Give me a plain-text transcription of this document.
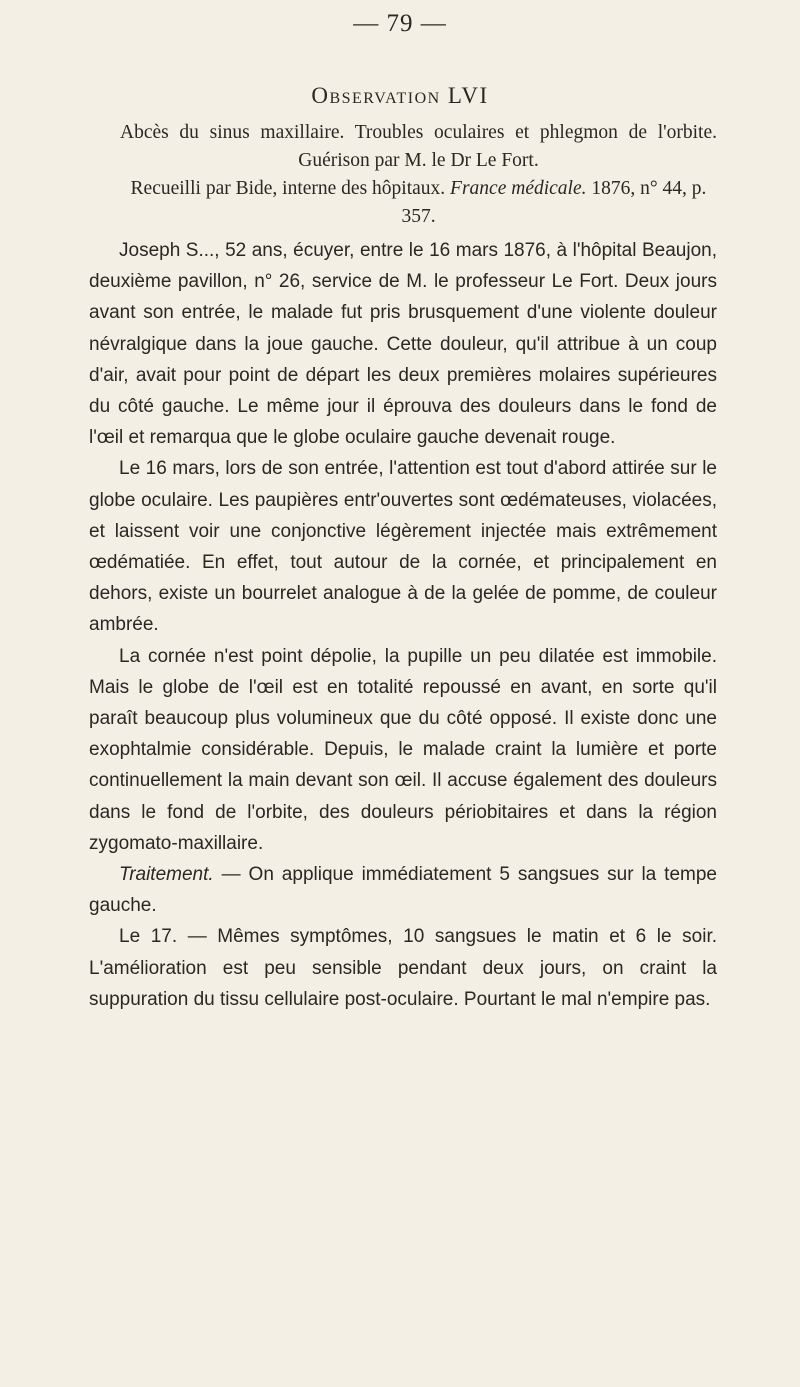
— 79 —
Observation LVI

Abcès du sinus maxillaire. Troubles oculaires et phlegmon de l'orbite. Guérison par M. le Dr Le Fort.

Recueilli par Bide, interne des hôpitaux. France médicale. 1876, n° 44, p. 357.

Joseph S..., 52 ans, écuyer, entre le 16 mars 1876, à l'hôpital Beaujon, deuxième pavillon, n° 26, service de M. le professeur Le Fort. Deux jours avant son entrée, le malade fut pris brusquement d'une violente douleur névralgique dans la joue gauche. Cette douleur, qu'il attribue à un coup d'air, avait pour point de départ les deux premières molaires supérieures du côté gauche. Le même jour il éprouva des douleurs dans le fond de l'œil et remarqua que le globe oculaire gauche devenait rouge.

Le 16 mars, lors de son entrée, l'attention est tout d'abord attirée sur le globe oculaire. Les paupières entr'ouvertes sont œdémateuses, violacées, et laissent voir une conjonctive légèrement injectée mais extrêmement œdématiée. En effet, tout autour de la cornée, et principalement en dehors, existe un bourrelet analogue à de la gelée de pomme, de couleur ambrée.

La cornée n'est point dépolie, la pupille un peu dilatée est immobile. Mais le globe de l'œil est en totalité repoussé en avant, en sorte qu'il paraît beaucoup plus volumineux que du côté opposé. Il existe donc une exophtalmie considérable. Depuis, le malade craint la lumière et porte continuellement la main devant son œil. Il accuse également des douleurs dans le fond de l'orbite, des douleurs périobitaires et dans la région zygomato-maxillaire.

Traitement. — On applique immédiatement 5 sangsues sur la tempe gauche.

Le 17. — Mêmes symptômes, 10 sangsues le matin et 6 le soir. L'amélioration est peu sensible pendant deux jours, on craint la suppuration du tissu cellulaire post-oculaire. Pourtant le mal n'empire pas.
